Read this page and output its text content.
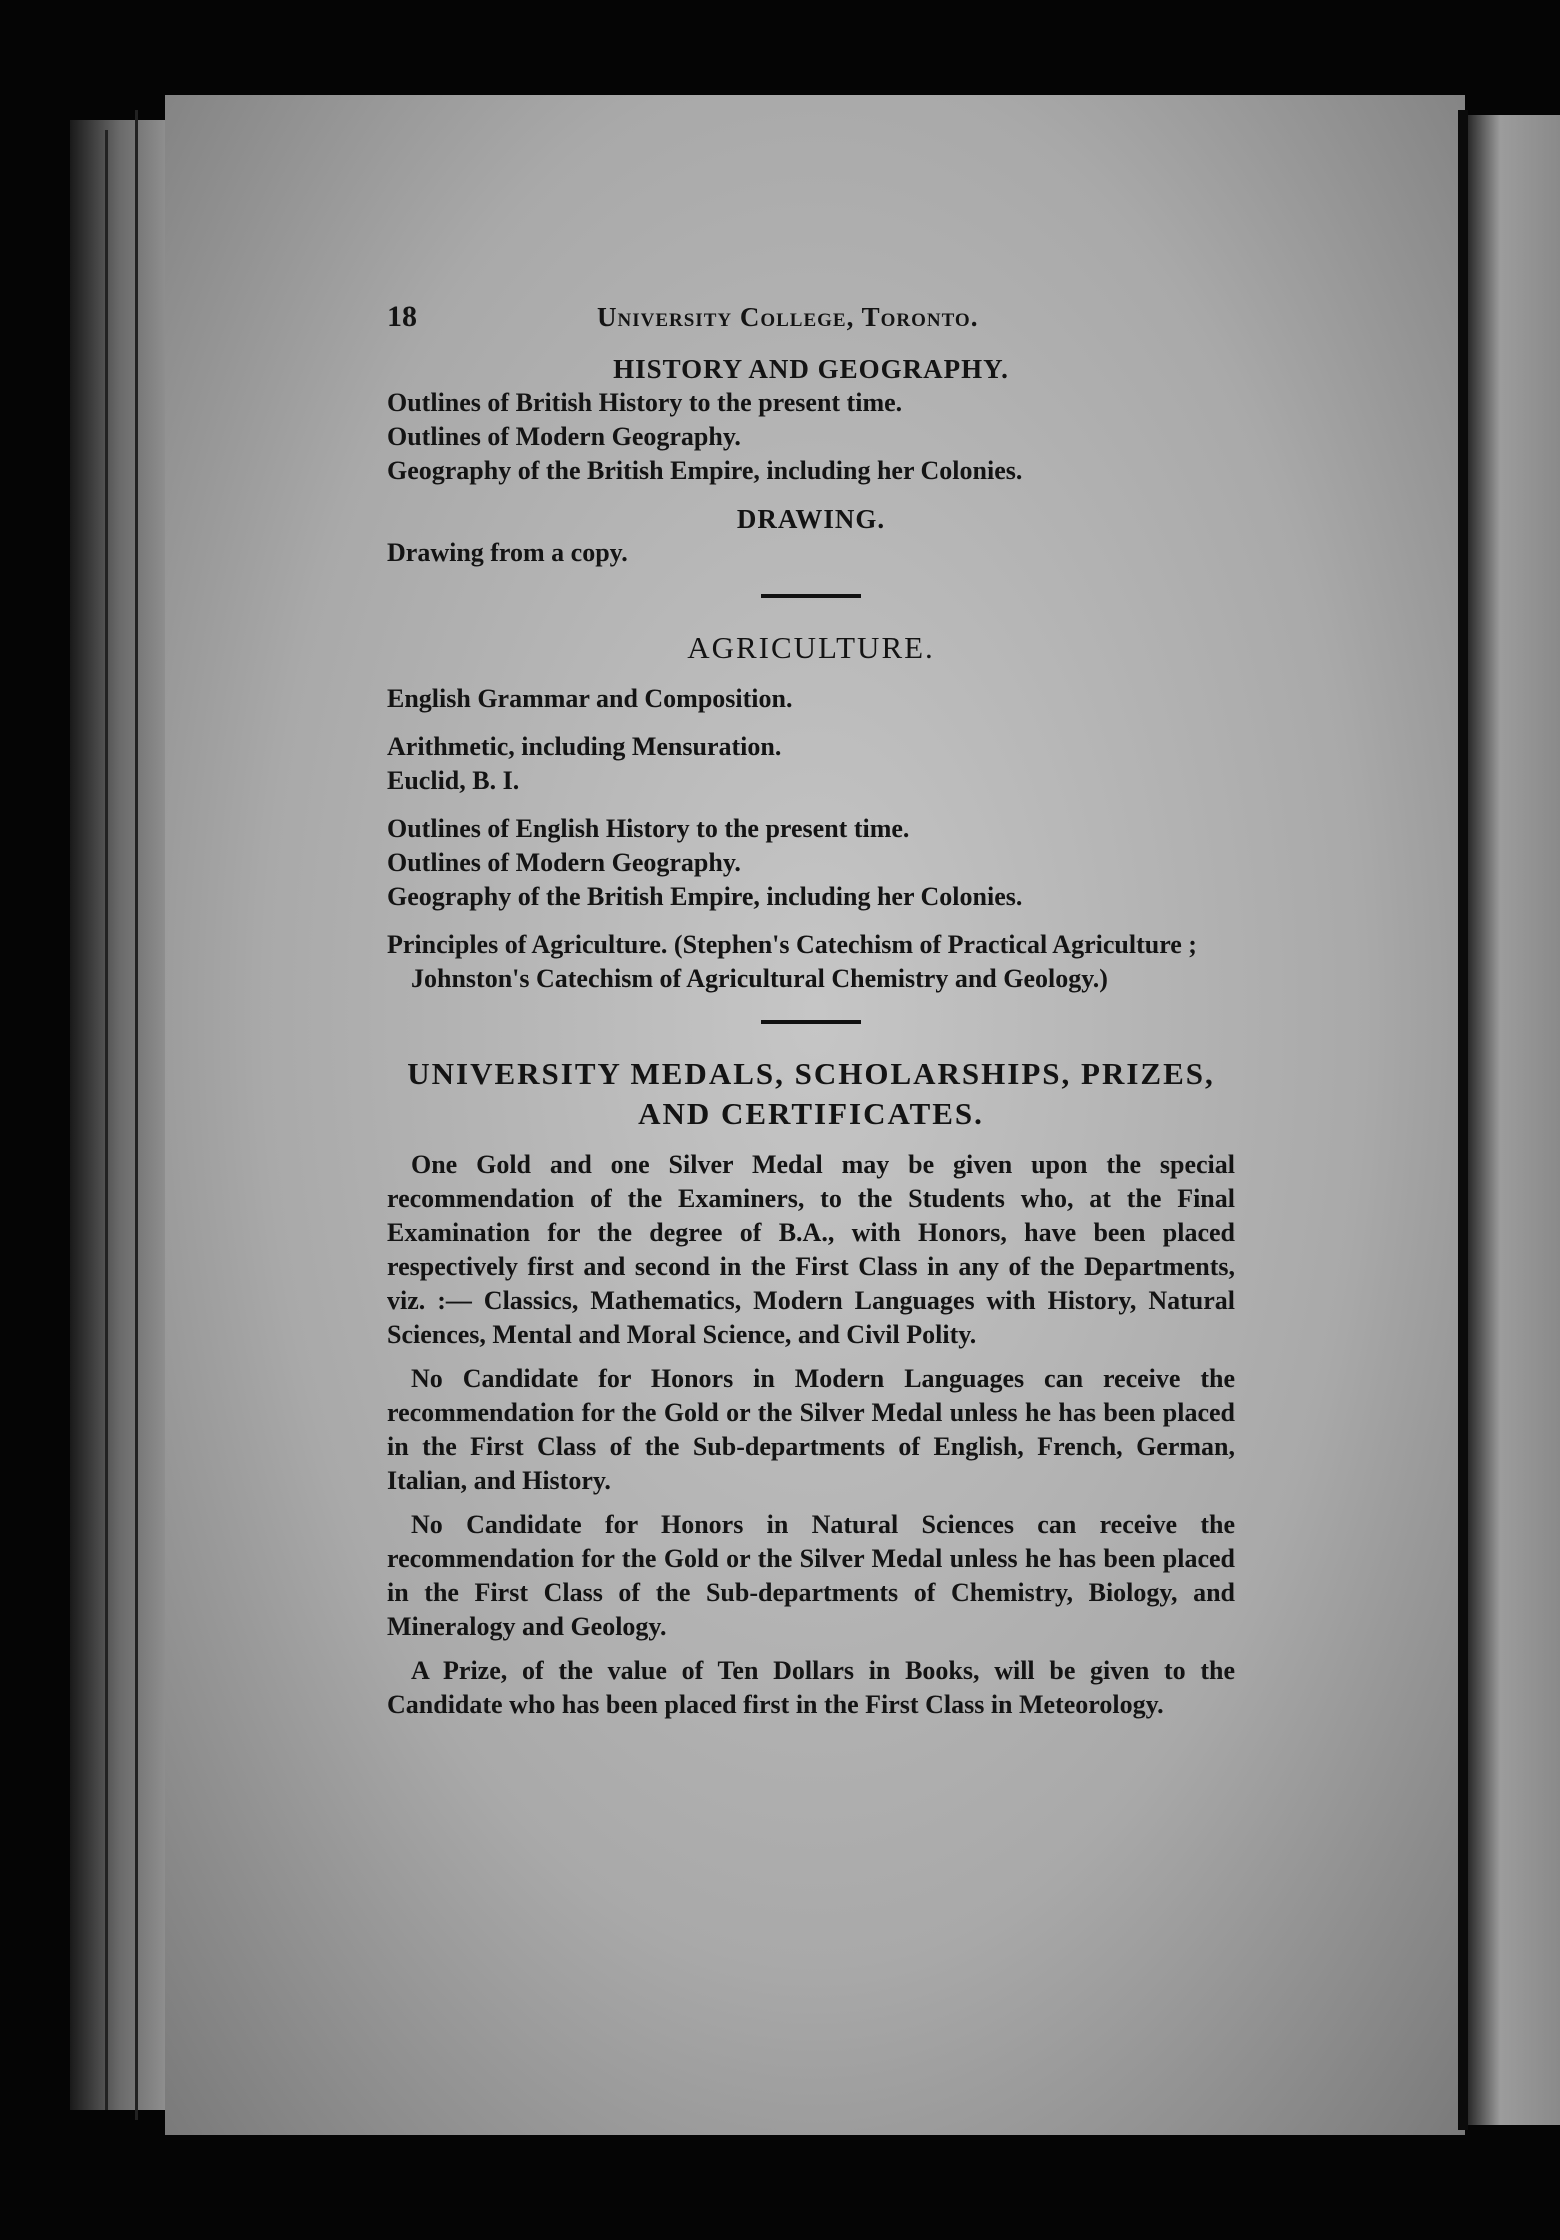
18	University College, Toronto.
HISTORY AND GEOGRAPHY.
Outlines of British History to the present time.
Outlines of Modern Geography.
Geography of the British Empire, including her Colonies.
DRAWING.
Drawing from a copy.
AGRICULTURE.
English Grammar and Composition.
Arithmetic, including Mensuration.
Euclid, B. I.
Outlines of English History to the present time.
Outlines of Modern Geography.
Geography of the British Empire, including her Colonies.
Principles of Agriculture. (Stephen's Catechism of Practical Agriculture ;
Johnston's Catechism of Agricultural Chemistry and Geology.)
UNIVERSITY MEDALS, SCHOLARSHIPS, PRIZES,
AND CERTIFICATES.

One Gold and one Silver Medal may be given upon the special recommendation of the Examiners, to the Students who, at the Final Examination for the degree of B.A., with Honors, have been placed respectively first and second in the First Class in any of the Departments, viz. :— Classics, Mathematics, Modern Languages with History, Natural Sciences, Mental and Moral Science, and Civil Polity.

No Candidate for Honors in Modern Languages can receive the recommendation for the Gold or the Silver Medal unless he has been placed in the First Class of the Sub-departments of English, French, German, Italian, and History.

No Candidate for Honors in Natural Sciences can receive the recommendation for the Gold or the Silver Medal unless he has been placed in the First Class of the Sub-departments of Chemistry, Biology, and Mineralogy and Geology.

A Prize, of the value of Ten Dollars in Books, will be given to the Candidate who has been placed first in the First Class in Meteorology.
